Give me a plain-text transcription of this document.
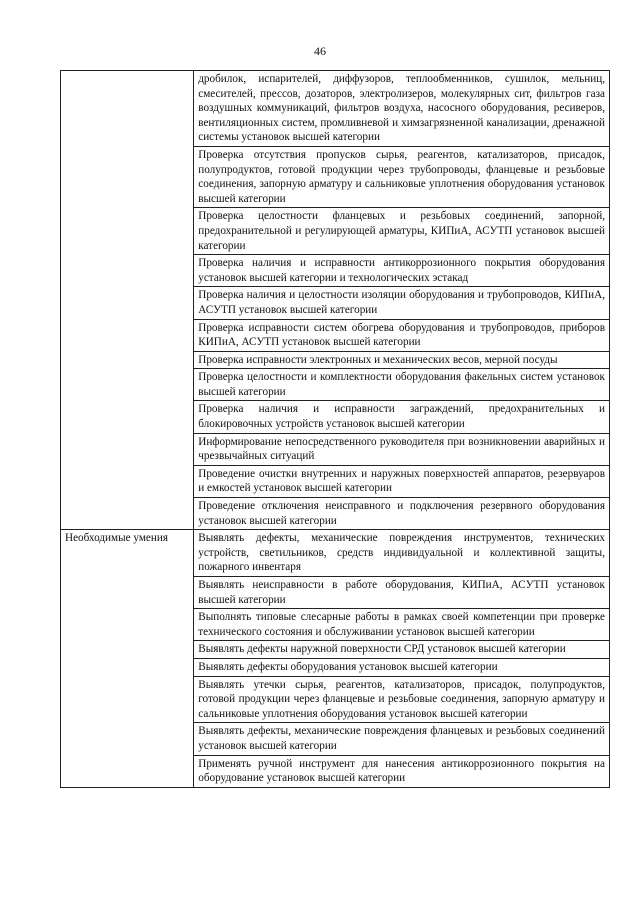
46
	дробилок, испарителей, диффузоров, теплообменников, сушилок, мельниц, смесителей, прессов, дозаторов, электролизеров, молекулярных сит, фильтров газа воздушных коммуникаций, фильтров воздуха, насосного оборудования, ресиверов, вентиляционных систем, промливневой и химзагрязненной канализации, дренажной системы установок высшей категории
	Проверка отсутствия пропусков сырья, реагентов, катализаторов, присадок, полупродуктов, готовой продукции через трубопроводы, фланцевые и резьбовые соединения, запорную арматуру и сальниковые уплотнения оборудования установок высшей категории
	Проверка целостности фланцевых и резьбовых соединений, запорной, предохранительной и регулирующей арматуры, КИПиА, АСУТП установок высшей категории
	Проверка наличия и исправности антикоррозионного покрытия оборудования установок высшей категории и технологических эстакад
	Проверка наличия и целостности изоляции оборудования и трубопроводов, КИПиА, АСУТП установок высшей категории
	Проверка исправности систем обогрева оборудования и трубопроводов, приборов КИПиА, АСУТП установок высшей категории
	Проверка исправности электронных и механических весов, мерной посуды
	Проверка целостности и комплектности оборудования факельных систем установок высшей категории
	Проверка наличия и исправности заграждений, предохранительных и блокировочных устройств установок высшей категории
	Информирование непосредственного руководителя при возникновении аварийных и чрезвычайных ситуаций
	Проведение очистки внутренних и наружных поверхностей аппаратов, резервуаров и емкостей установок высшей категории
	Проведение отключения неисправного и подключения резервного оборудования установок высшей категории
Необходимые умения	Выявлять дефекты, механические повреждения инструментов, технических устройств, светильников, средств индивидуальной и коллективной защиты, пожарного инвентаря
	Выявлять неисправности в работе оборудования, КИПиА, АСУТП установок высшей категории
	Выполнять типовые слесарные работы в рамках своей компетенции при проверке технического состояния и обслуживании установок высшей категории
	Выявлять дефекты наружной поверхности СРД установок высшей категории
	Выявлять дефекты оборудования установок высшей категории
	Выявлять утечки сырья, реагентов, катализаторов, присадок, полупродуктов, готовой продукции через фланцевые и резьбовые соединения, запорную арматуру и сальниковые уплотнения оборудования установок высшей категории
	Выявлять дефекты, механические повреждения фланцевых и резьбовых соединений установок высшей категории
	Применять ручной инструмент для нанесения антикоррозионного покрытия на оборудование установок высшей категории
